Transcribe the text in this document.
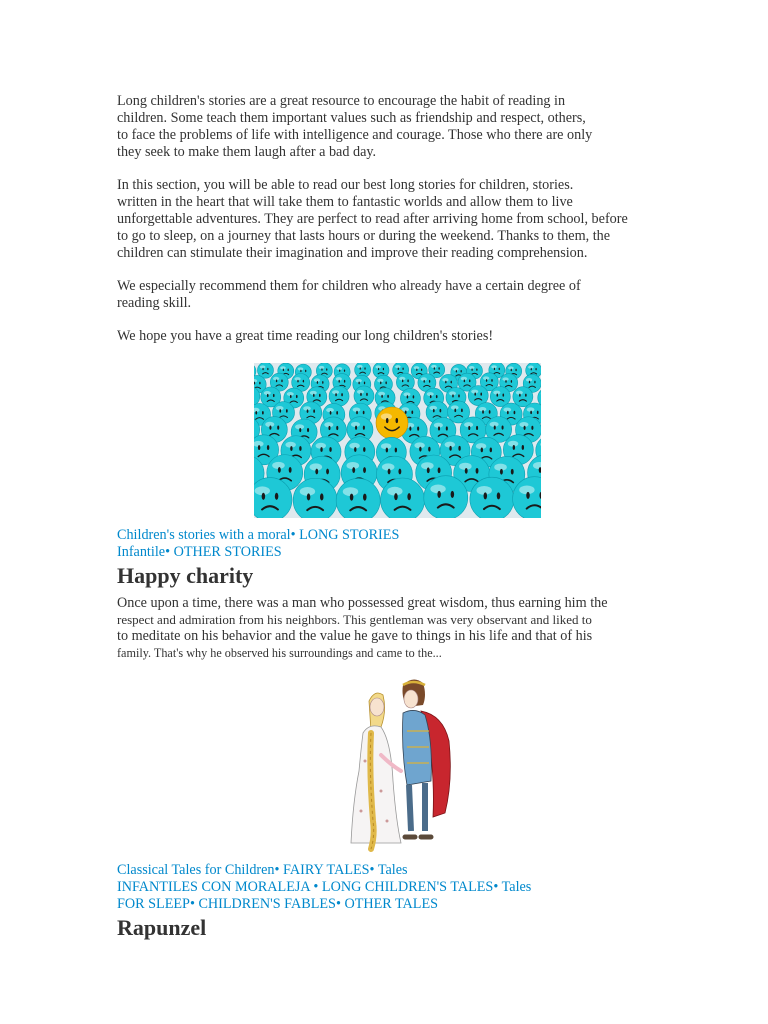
Long children's stories are a great resource to encourage the habit of reading in

children. Some teach them important values such as friendship and respect, others,

to face the problems of life with intelligence and courage. Those who there are only

they seek to make them laugh after a bad day.

In this section, you will be able to read our best long stories for children, stories.

written in the heart that will take them to fantastic worlds and allow them to live

unforgettable adventures. They are perfect to read after arriving home from school, before

to go to sleep, on a journey that lasts hours or during the weekend. Thanks to them, the

children can stimulate their imagination and improve their reading comprehension.

We especially recommend them for children who already have a certain degree of

reading skill.

We hope you have a great time reading our long children's stories!

Children's stories with a moral• LONG STORIES
Infantile• OTHER STORIES
Happy charity

Once upon a time, there was a man who possessed great wisdom, thus earning him the

respect and admiration from his neighbors. This gentleman was very observant and liked to

to meditate on his behavior and the value he gave to things in his life and that of his

family. That's why he observed his surroundings and came to the...

Classical Tales for Children• FAIRY TALES• Tales
INFANTILES CON MORALEJA • LONG CHILDREN'S TALES• Tales
FOR SLEEP• CHILDREN'S FABLES• OTHER TALES
Rapunzel
